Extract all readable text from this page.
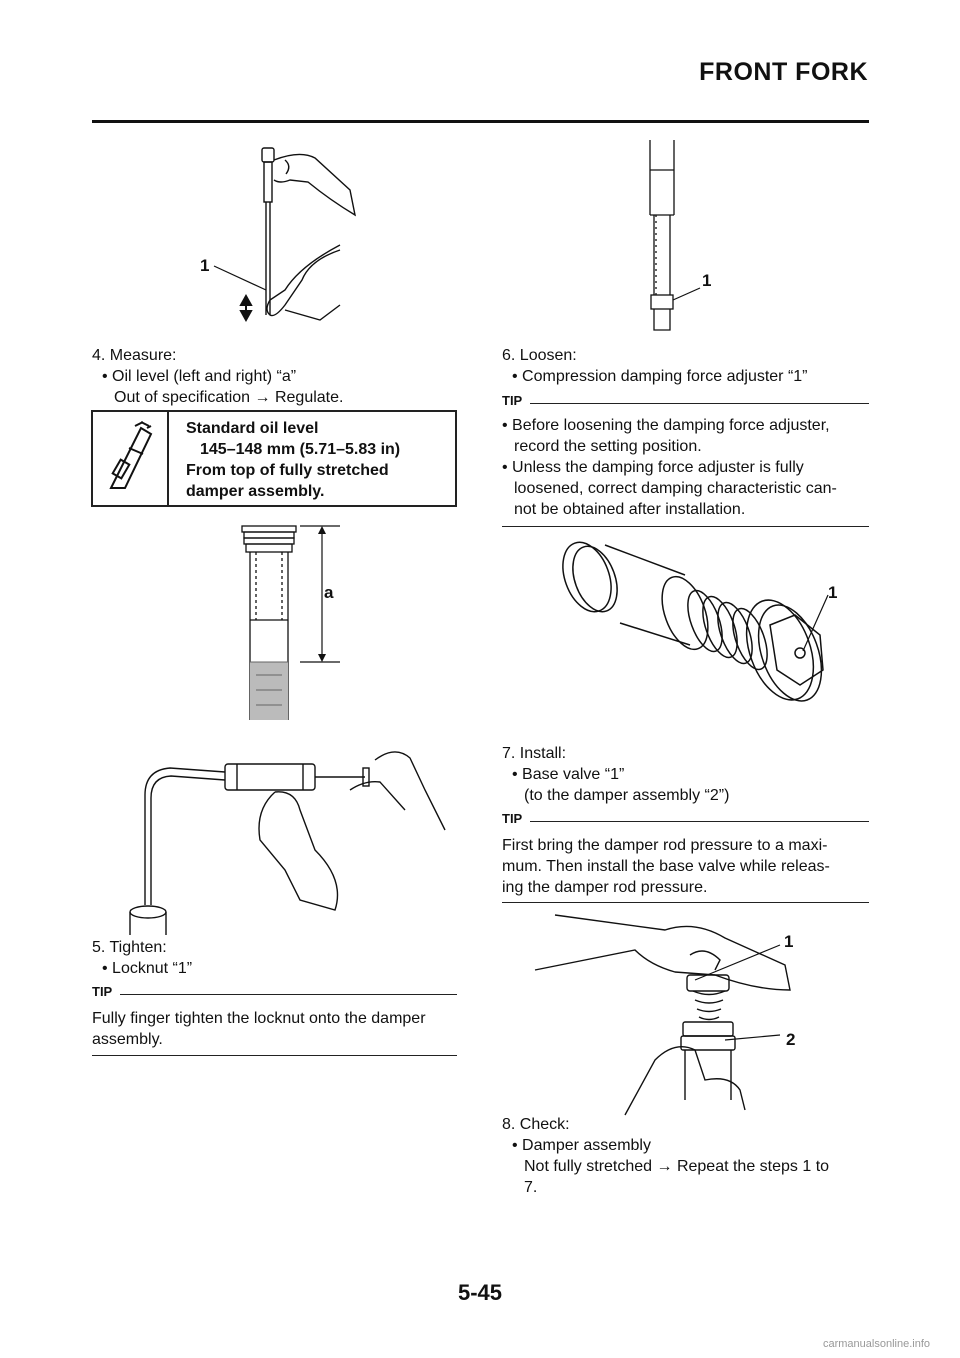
FRONT FORK
1
4. Measure:
• Oil level (left and right) “a”
Out of specification → Regulate.
Standard oil level
145–148 mm (5.71–5.83 in)
From top of fully stretched
damper assembly.
a
5. Tighten:
• Locknut “1”
TIP
Fully finger tighten the locknut onto the damper
assembly.
1
6. Loosen:
• Compression damping force adjuster “1”
TIP
• Before loosening the damping force adjuster,
record the setting position.
• Unless the damping force adjuster is fully
loosened, correct damping characteristic can-
not be obtained after installation.
1
7. Install:
• Base valve “1”
(to the damper assembly “2”)
TIP
First bring the damper rod pressure to a maxi-
mum. Then install the base valve while releas-
ing the damper rod pressure.
1
2
8. Check:
• Damper assembly
Not fully stretched → Repeat the steps 1 to
7.
5-45
carmanualsonline.info
